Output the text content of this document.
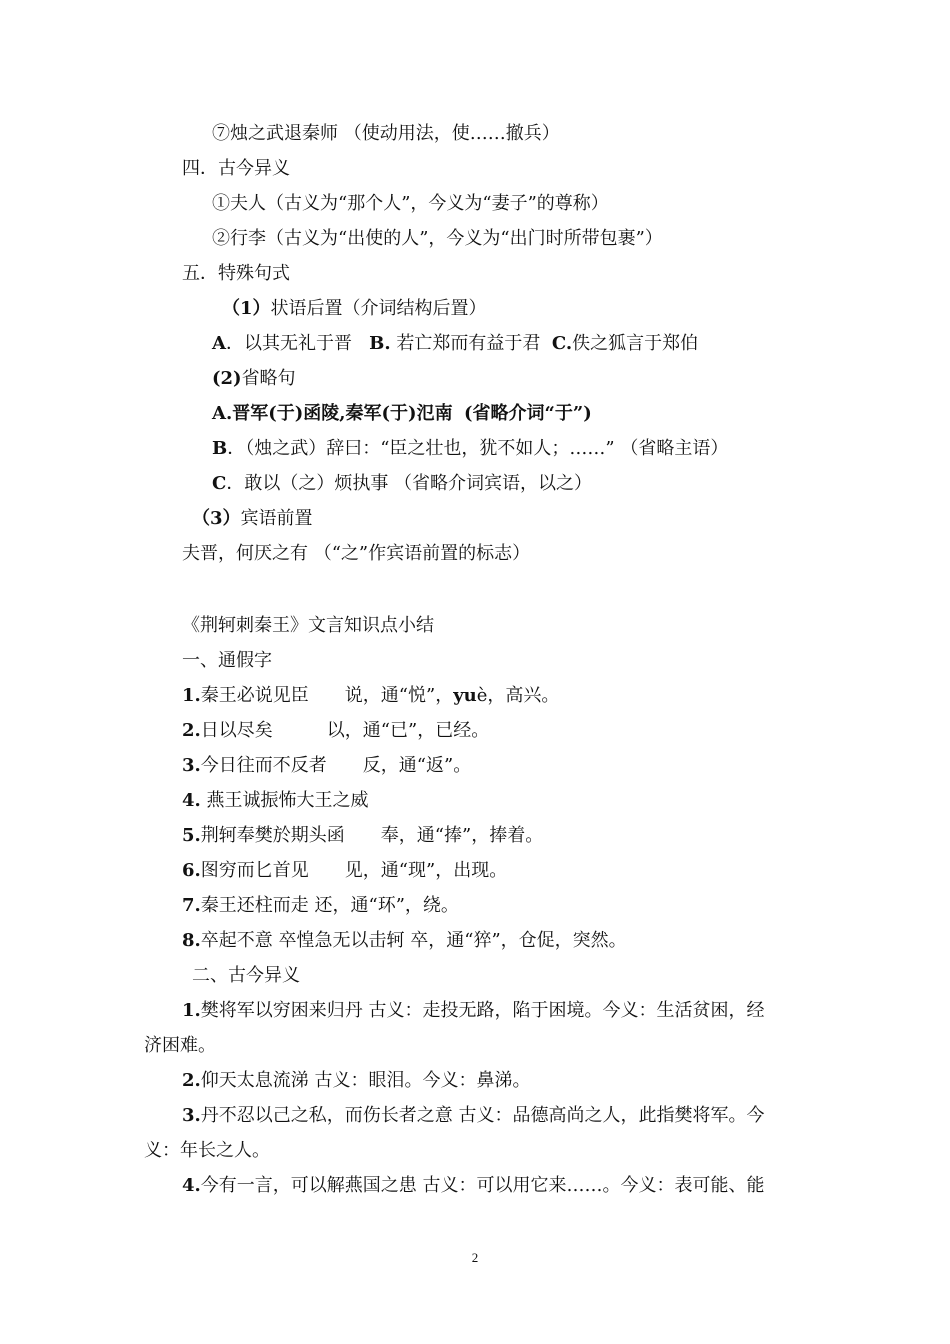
⑦烛之武退秦师 （使动用法，使……撤兵）
四．古今异义
①夫人（古义为“那个人”，今义为“妻子”的尊称）
②行李（古义为“出使的人”，今义为“出门时所带包裹”）
五．特殊句式
（1）状语后置（介词结构后置）
A．以其无礼于晋 B. 若亡郑而有益于君 C.佚之狐言于郑伯
(2)省略句
A.晋军(于)函陵,秦军(于)氾南 (省略介词“于”)
B．（烛之武）辞曰：“臣之壮也，犹不如人；……” （省略主语）
C．敢以（之）烦执事 （省略介词宾语，以之）
（3）宾语前置
夫晋，何厌之有 （“之”作宾语前置的标志）
《荆轲刺秦王》文言知识点小结
一、通假字
1.秦王必说见臣　　说，通“悦”，yuè，高兴。
2.日以尽矣　　　以，通“已”，已经。
3.今日往而不反者　　反，通“返”。
4. 燕王诚振怖大王之威
5.荆轲奉樊於期头函　　奉，通“捧”，捧着。
6.图穷而匕首见　　见，通“现”，出现。
7.秦王还柱而走 还，通“环”，绕。
8.卒起不意 卒惶急无以击轲 卒，通“猝”，仓促，突然。
二、古今异义
1.樊将军以穷困来归丹 古义：走投无路，陷于困境。今义：生活贫困，经
济困难。
2.仰天太息流涕 古义：眼泪。今义：鼻涕。
3.丹不忍以己之私，而伤长者之意 古义：品德高尚之人，此指樊将军。今
义：年长之人。
4.今有一言，可以解燕国之患 古义：可以用它来……。今义：表可能、能
2
